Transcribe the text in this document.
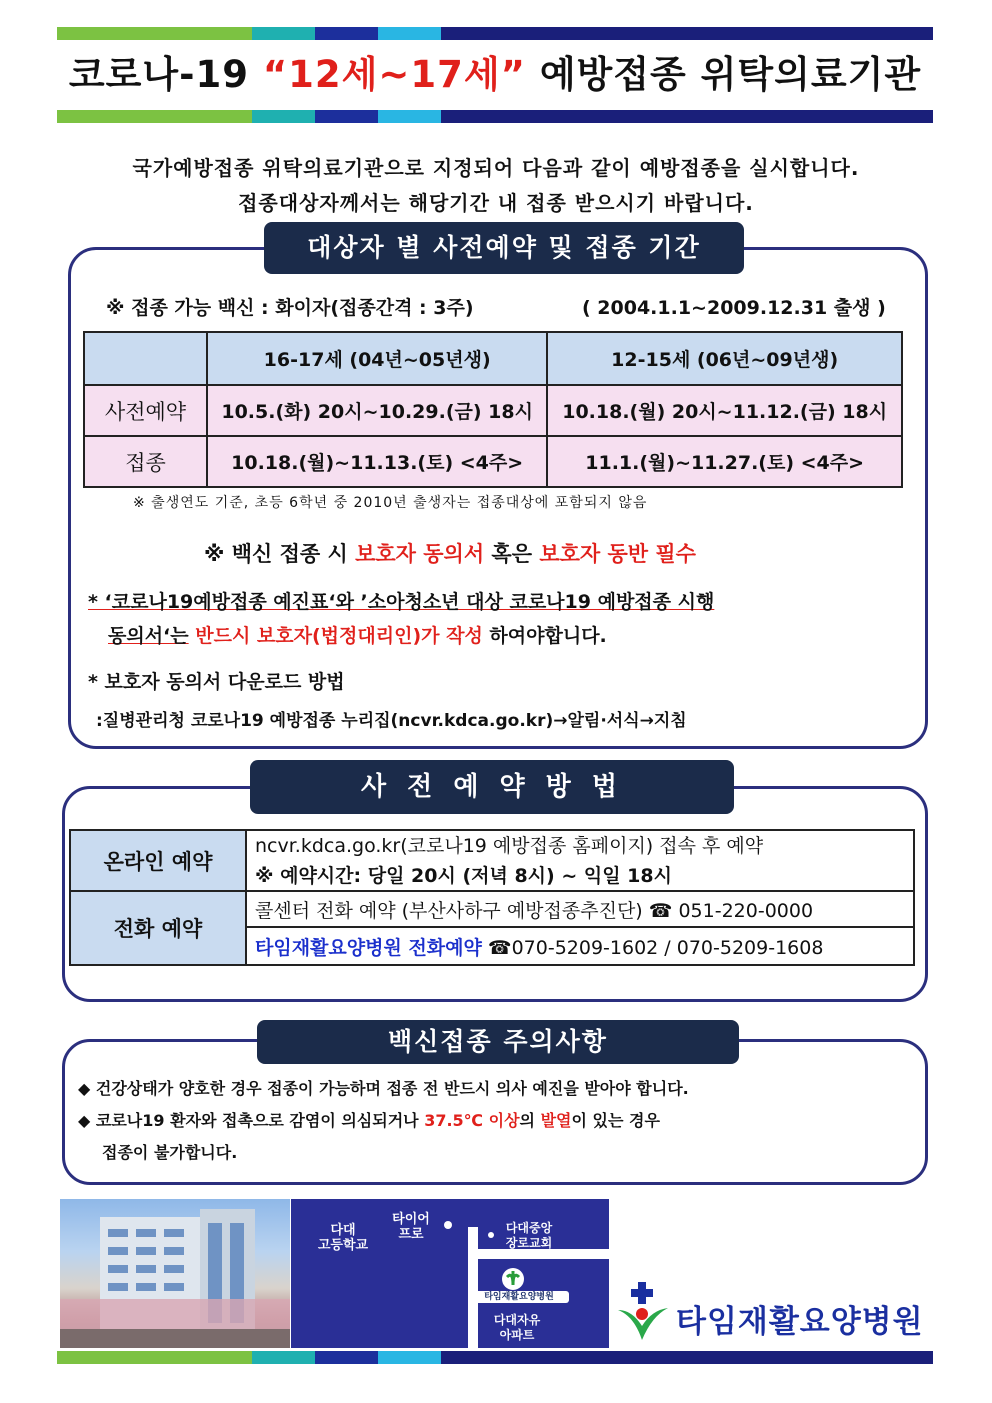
코로나-19 “12세~17세” 예방접종 위탁의료기관
국가예방접종 위탁의료기관으로 지정되어 다음과 같이 예방접종을 실시합니다.
접종대상자께서는 해당기간 내 접종 받으시기 바랍니다.
대상자 별 사전예약 및 접종 기간
※ 접종 가능 백신 : 화이자(접종간격 : 3주)	( 2004.1.1~2009.12.31 출생 )
	16-17세 (04년~05년생)	12-15세 (06년~09년생)
사전예약	10.5.(화) 20시~10.29.(금) 18시	10.18.(월) 20시~11.12.(금) 18시
접종	10.18.(월)~11.13.(토) <4주>	11.1.(월)~11.27.(토) <4주>
※ 출생연도 기준, 초등 6학년 중 2010년 출생자는 접종대상에 포함되지 않음
※ 백신 접종 시 보호자 동의서 혹은 보호자 동반 필수
* ‘코로나19예방접종 예진표‘와 ’소아청소년 대상 코로나19 예방접종 시행
동의서‘는 반드시 보호자(법정대리인)가 작성 하여야합니다.
* 보호자 동의서 다운로드 방법
:질병관리청 코로나19 예방접종 누리집(ncvr.kdca.go.kr)→알림·서식→지침
사 전 예 약 방 법
온라인 예약	ncvr.kdca.go.kr(코로나19 예방접종 홈페이지) 접속 후 예약
	※ 예약시간: 당일 20시 (저녁 8시) ~ 익일 18시
전화 예약	콜센터 전화 예약 (부산사하구 예방접종추진단) ☎ 051-220-0000
	타임재활요양병원 전화예약 ☎070-5209-1602 / 070-5209-1608
백신접종 주의사항
◆ 건강상태가 양호한 경우 접종이 가능하며 접종 전 반드시 의사 예진을 받아야 합니다.
◆ 코로나19 환자와 접촉으로 감염이 의심되거나 37.5℃ 이상의 발열이 있는 경우
접종이 불가합니다.
다대
고등학교
타이어
프로	다대중앙
장로교회
타임재활요양병원
다대자유
아파트	타임재활요양병원
